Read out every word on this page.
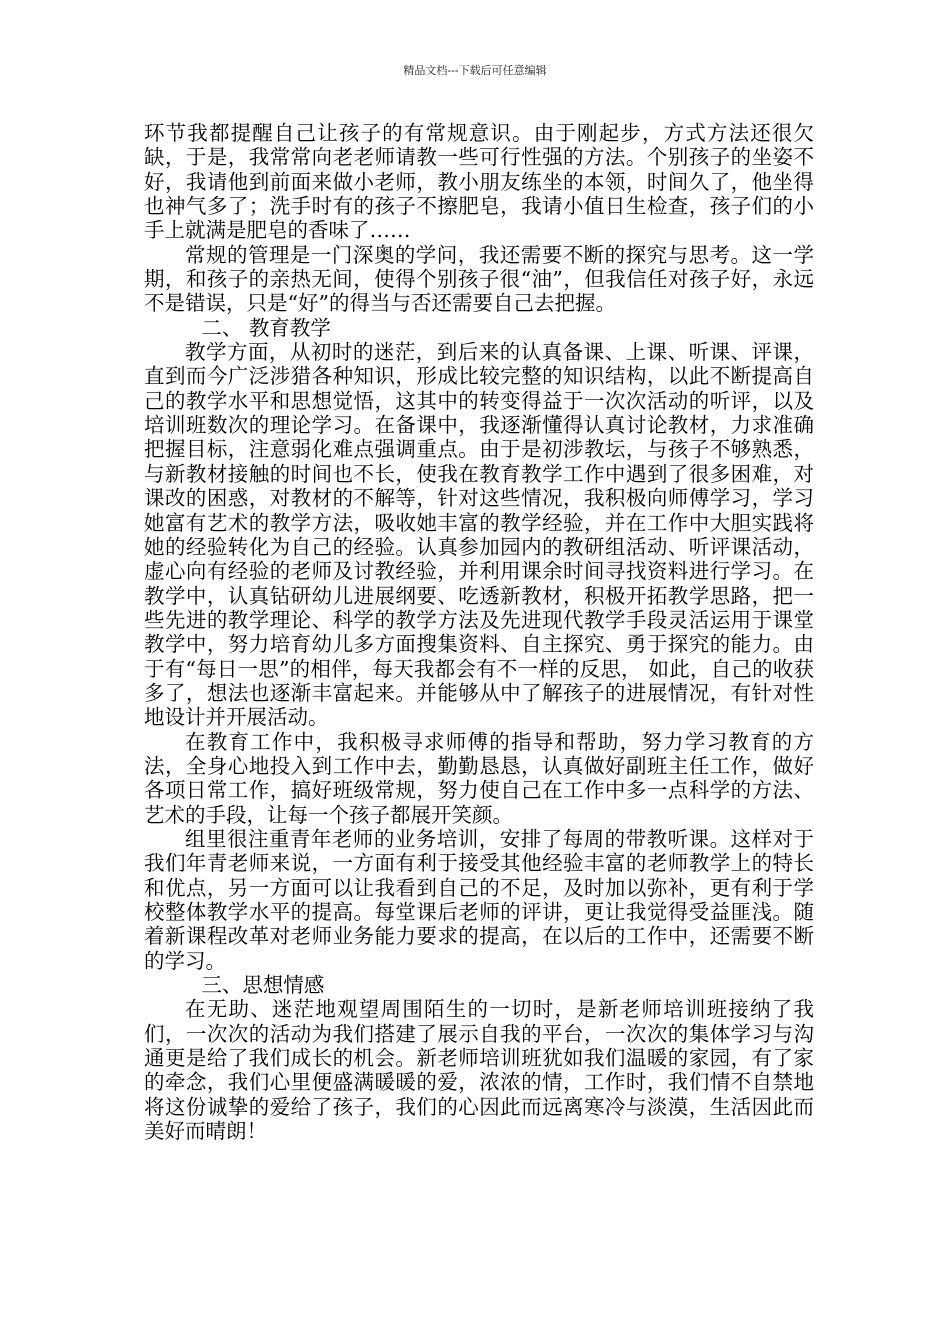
精品文档---下载后可任意编辑

环节我都提醒自己让孩子的有常规意识。由于刚起步，方式方法还很欠缺，于是，我常常向老老师请教一些可行性强的方法。个别孩子的坐姿不好，我请他到前面来做小老师，教小朋友练坐的本领，时间久了，他坐得也神气多了；洗手时有的孩子不擦肥皂，我请小值日生检查，孩子们的小手上就满是肥皂的香味了……

常规的管理是一门深奥的学问，我还需要不断的探究与思考。这一学期，和孩子的亲热无间，使得个别孩子很“油”，但我信任对孩子好，永远不是错误，只是“好”的得当与否还需要自己去把握。

二、 教育教学

教学方面，从初时的迷茫，到后来的认真备课、上课、听课、评课，直到而今广泛涉猎各种知识，形成比较完整的知识结构，以此不断提高自己的教学水平和思想觉悟，这其中的转变得益于一次次活动的听评，以及培训班数次的理论学习。在备课中，我逐渐懂得认真讨论教材，力求准确把握目标，注意弱化难点强调重点。由于是初涉教坛，与孩子不够熟悉，与新教材接触的时间也不长，使我在教育教学工作中遇到了很多困难，对课改的困惑，对教材的不解等，针对这些情况，我积极向师傅学习，学习她富有艺术的教学方法，吸收她丰富的教学经验，并在工作中大胆实践将她的经验转化为自己的经验。认真参加园内的教研组活动、听评课活动，虚心向有经验的老师及讨教经验，并利用课余时间寻找资料进行学习。在教学中，认真钻研幼儿进展纲要、吃透新教材，积极开拓教学思路，把一些先进的教学理论、科学的教学方法及先进现代教学手段灵活运用于课堂教学中，努力培育幼儿多方面搜集资料、自主探究、勇于探究的能力。由于有“每日一思”的相伴，每天我都会有不一样的反思， 如此，自己的收获多了，想法也逐渐丰富起来。并能够从中了解孩子的进展情况，有针对性地设计并开展活动。

在教育工作中，我积极寻求师傅的指导和帮助，努力学习教育的方法，全身心地投入到工作中去，勤勤恳恳，认真做好副班主任工作，做好各项日常工作，搞好班级常规，努力使自己在工作中多一点科学的方法、艺术的手段，让每一个孩子都展开笑颜。

组里很注重青年老师的业务培训，安排了每周的带教听课。这样对于我们年青老师来说，一方面有利于接受其他经验丰富的老师教学上的特长和优点，另一方面可以让我看到自己的不足，及时加以弥补，更有利于学校整体教学水平的提高。每堂课后老师的评讲，更让我觉得受益匪浅。随着新课程改革对老师业务能力要求的提高，在以后的工作中，还需要不断的学习。

三、思想情感

在无助、迷茫地观望周围陌生的一切时，是新老师培训班接纳了我们，一次次的活动为我们搭建了展示自我的平台，一次次的集体学习与沟通更是给了我们成长的机会。新老师培训班犹如我们温暖的家园，有了家的牵念，我们心里便盛满暖暖的爱，浓浓的情，工作时，我们情不自禁地将这份诚挚的爱给了孩子，我们的心因此而远离寒冷与淡漠，生活因此而美好而晴朗！
